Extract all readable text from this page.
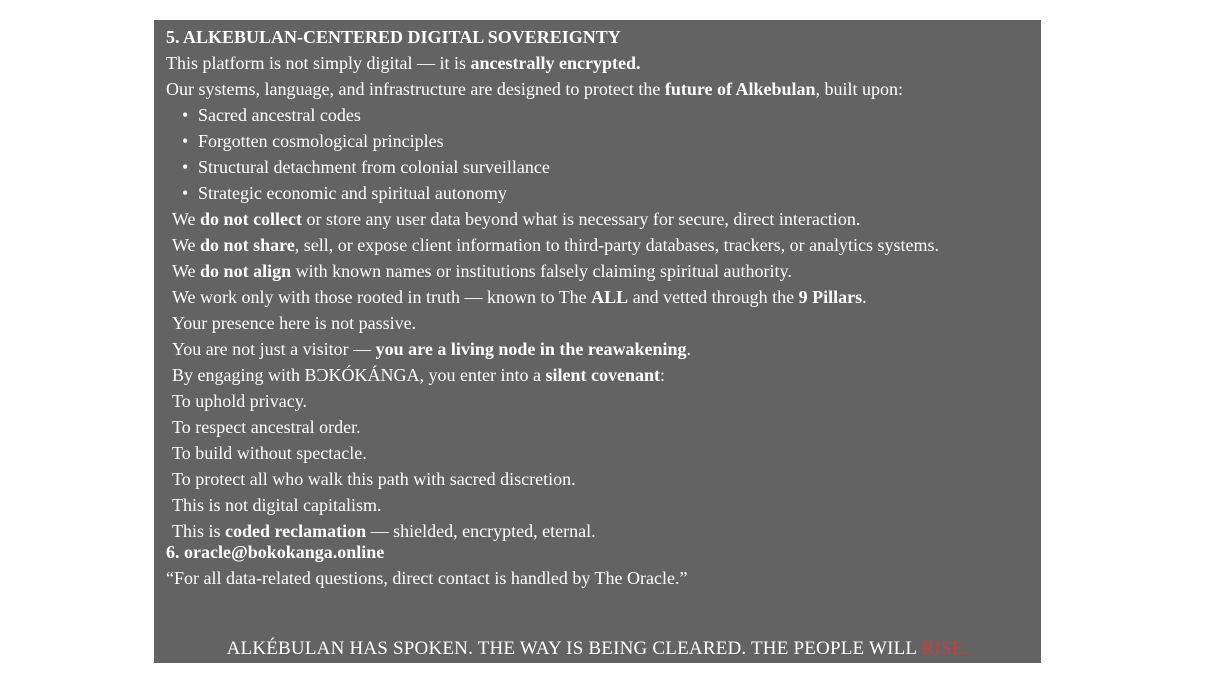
5. ALKEBULAN-CENTERED DIGITAL SOVEREIGNTY
This platform is not simply digital — it is ancestrally encrypted.
Our systems, language, and infrastructure are designed to protect the future of Alkebulan, built upon:
• Sacred ancestral codes
• Forgotten cosmological principles
• Structural detachment from colonial surveillance
• Strategic economic and spiritual autonomy
We do not collect or store any user data beyond what is necessary for secure, direct interaction.
We do not share, sell, or expose client information to third-party databases, trackers, or analytics systems.
We do not align with known names or institutions falsely claiming spiritual authority.
We work only with those rooted in truth — known to The ALL and vetted through the 9 Pillars.
Your presence here is not passive.
You are not just a visitor — you are a living node in the reawakening.
By engaging with BƆKÓKÁNGA, you enter into a silent covenant:
To uphold privacy.
To respect ancestral order.
To build without spectacle.
To protect all who walk this path with sacred discretion.
This is not digital capitalism.
This is coded reclamation — shielded, encrypted, eternal.
6. oracle@bokokanga.online
“For all data-related questions, direct contact is handled by The Oracle.”
ALKÉBULAN HAS SPOKEN. THE WAY IS BEING CLEARED. THE PEOPLE WILL RISE.
